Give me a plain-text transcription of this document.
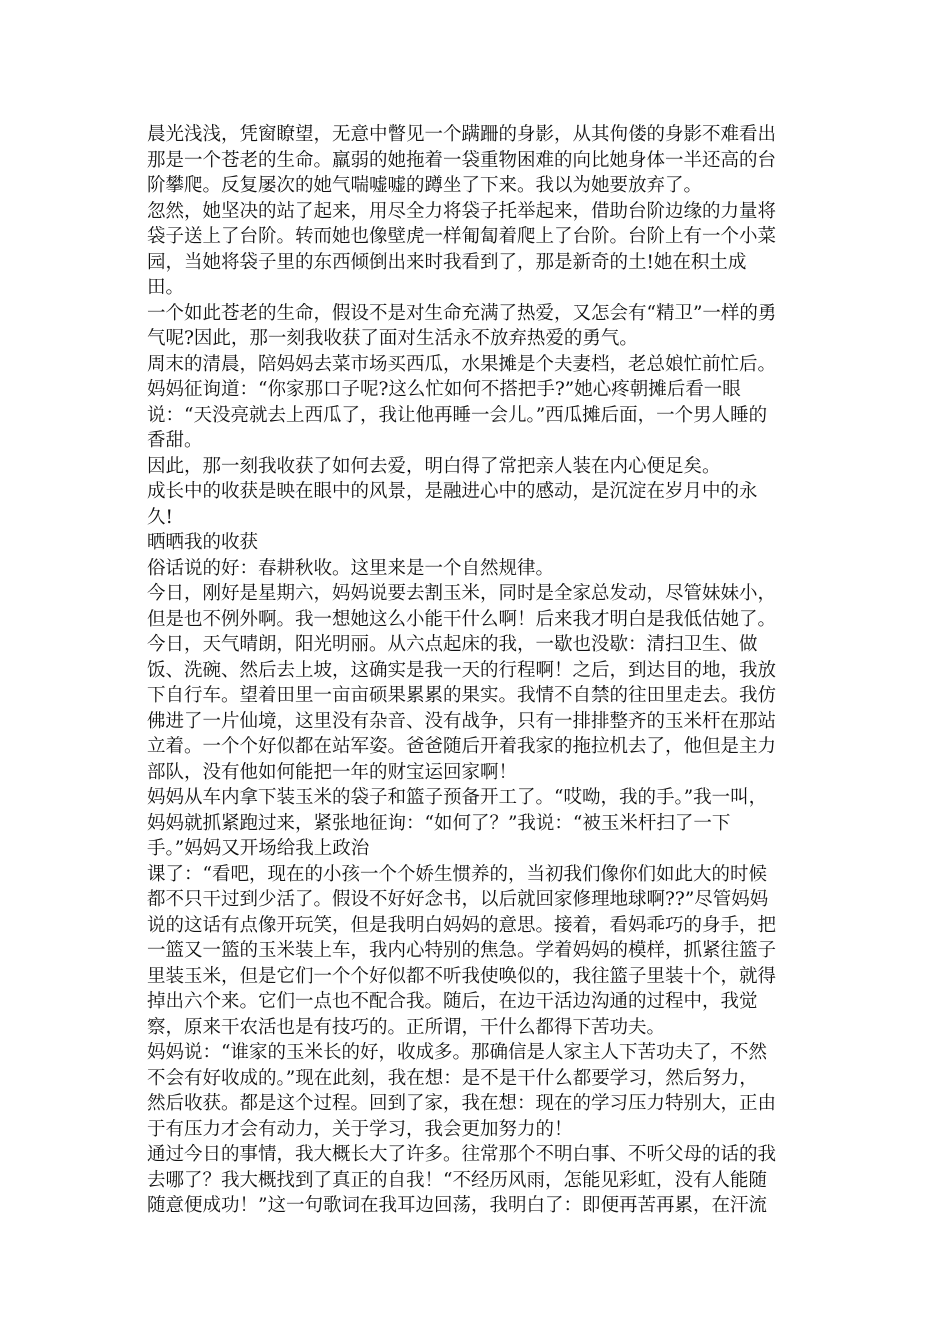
晨光浅浅，凭窗瞭望，无意中瞥见一个蹒跚的身影，从其佝偻的身影不难看出
那是一个苍老的生命。羸弱的她拖着一袋重物困难的向比她身体一半还高的台
阶攀爬。反复屡次的她气喘嘘嘘的蹲坐了下来。我以为她要放弃了。
忽然，她坚决的站了起来，用尽全力将袋子托举起来，借助台阶边缘的力量将
袋子送上了台阶。转而她也像壁虎一样匍匐着爬上了台阶。台阶上有一个小菜
园，当她将袋子里的东西倾倒出来时我看到了，那是新奇的土!她在积土成
田。
一个如此苍老的生命，假设不是对生命充满了热爱，又怎会有“精卫”一样的勇
气呢?因此，那一刻我收获了面对生活永不放弃热爱的勇气。
周末的清晨，陪妈妈去菜市场买西瓜，水果摊是个夫妻档，老总娘忙前忙后。
妈妈征询道：“你家那口子呢?这么忙如何不搭把手?”她心疼朝摊后看一眼
说：“天没亮就去上西瓜了，我让他再睡一会儿。”西瓜摊后面，一个男人睡的
香甜。
因此，那一刻我收获了如何去爱，明白得了常把亲人装在内心便足矣。
成长中的收获是映在眼中的风景，是融进心中的感动，是沉淀在岁月中的永
久!
晒晒我的收获
俗话说的好：春耕秋收。这里来是一个自然规律。
今日，刚好是星期六，妈妈说要去割玉米，同时是全家总发动，尽管妹妹小，
但是也不例外啊。我一想她这么小能干什么啊！后来我才明白是我低估她了。
今日，天气晴朗，阳光明丽。从六点起床的我，一歇也没歇：清扫卫生、做
饭、洗碗、然后去上坡，这确实是我一天的行程啊！之后，到达目的地，我放
下自行车。望着田里一亩亩硕果累累的果实。我情不自禁的往田里走去。我仿
佛进了一片仙境，这里没有杂音、没有战争，只有一排排整齐的玉米杆在那站
立着。一个个好似都在站军姿。爸爸随后开着我家的拖拉机去了，他但是主力
部队，没有他如何能把一年的财宝运回家啊！
妈妈从车内拿下装玉米的袋子和篮子预备开工了。“哎呦，我的手。”我一叫，
妈妈就抓紧跑过来，紧张地征询：“如何了？”我说：“被玉米杆扫了一下
手。”妈妈又开场给我上政治
课了：“看吧，现在的小孩一个个娇生惯养的，当初我们像你们如此大的时候
都不只干过到少活了。假设不好好念书，以后就回家修理地球啊??”尽管妈妈
说的这话有点像开玩笑，但是我明白妈妈的意思。接着，看妈乖巧的身手，把
一篮又一篮的玉米装上车，我内心特别的焦急。学着妈妈的模样，抓紧往篮子
里装玉米，但是它们一个个好似都不听我使唤似的，我往篮子里装十个，就得
掉出六个来。它们一点也不配合我。随后，在边干活边沟通的过程中，我觉
察，原来干农活也是有技巧的。正所谓，干什么都得下苦功夫。
妈妈说：“谁家的玉米长的好，收成多。那确信是人家主人下苦功夫了，不然
不会有好收成的。”现在此刻，我在想：是不是干什么都要学习，然后努力，
然后收获。都是这个过程。回到了家，我在想：现在的学习压力特别大，正由
于有压力才会有动力，关于学习，我会更加努力的！
通过今日的事情，我大概长大了许多。往常那个不明白事、不听父母的话的我
去哪了？我大概找到了真正的自我！“不经历风雨，怎能见彩虹，没有人能随
随意便成功！”这一句歌词在我耳边回荡，我明白了：即便再苦再累，在汗流
